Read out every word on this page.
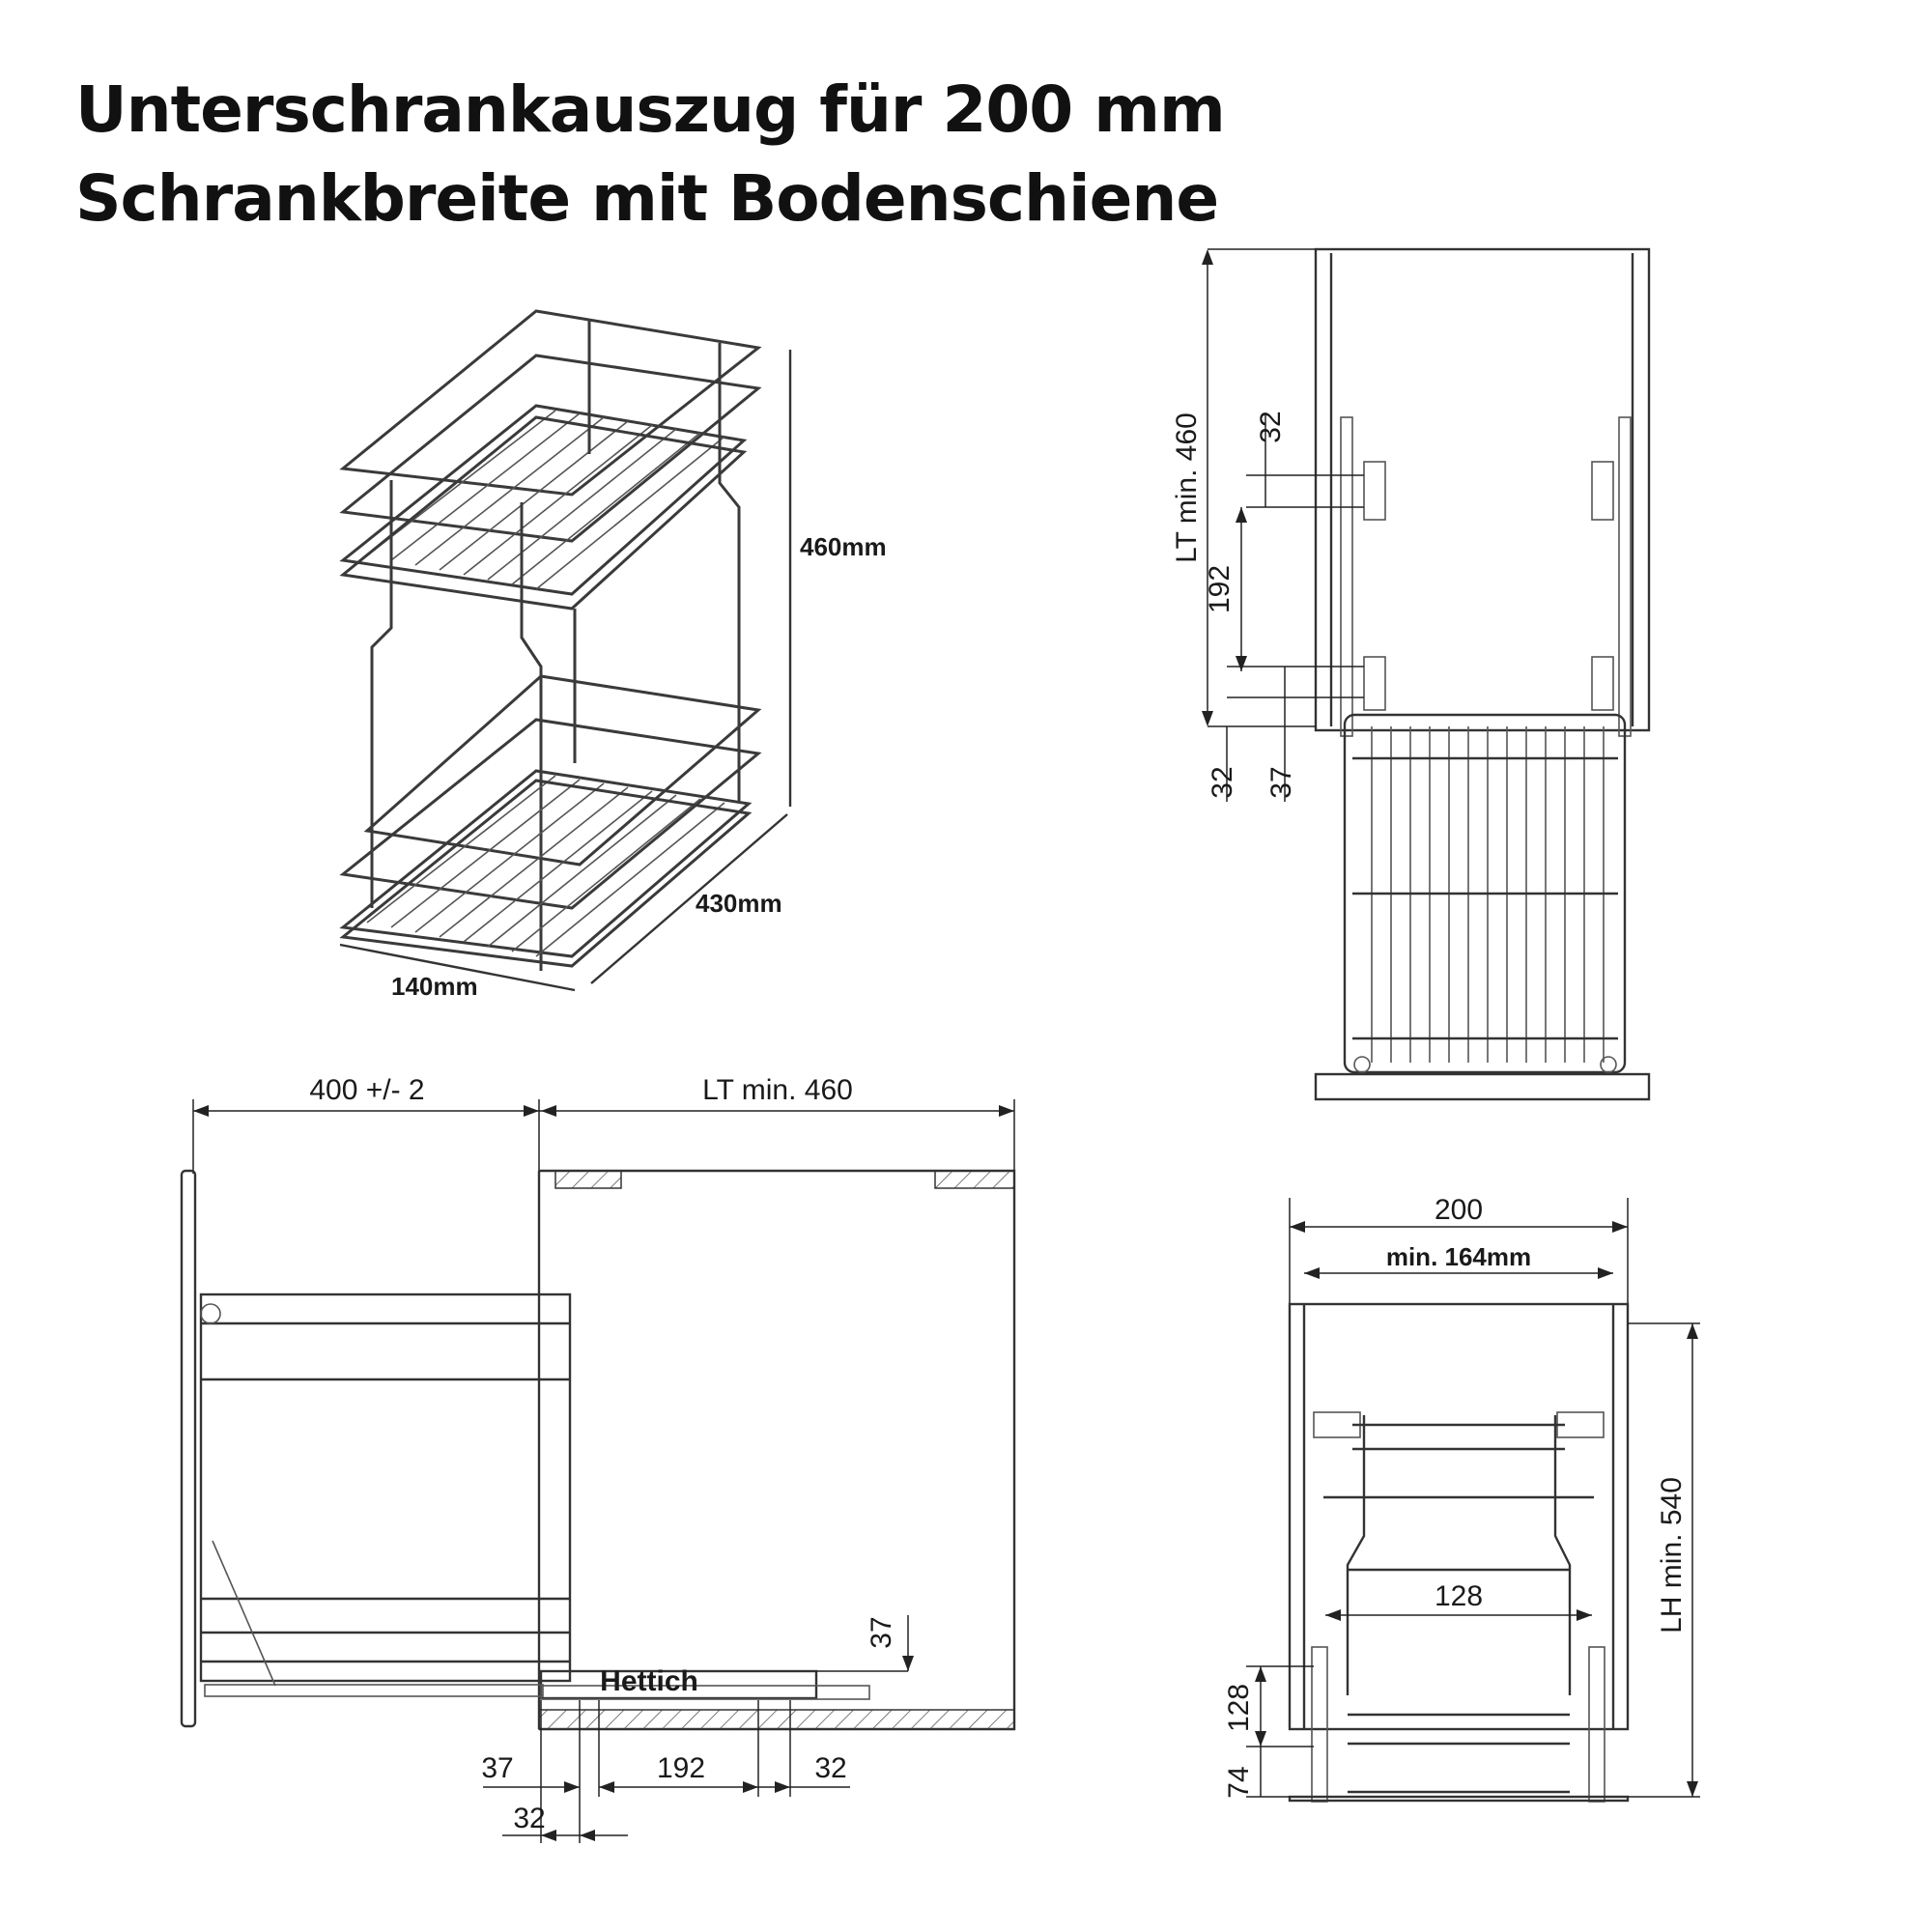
Unterschrankauszug für 200 mm
Schrankbreite mit Bodenschiene
460mm
430mm
140mm
LT min. 460 32
192
32 37
400 +/- 2	LT min. 460
Hettich
37
37	192	32
32
200
min. 164mm
128	LH min. 540
128
74
